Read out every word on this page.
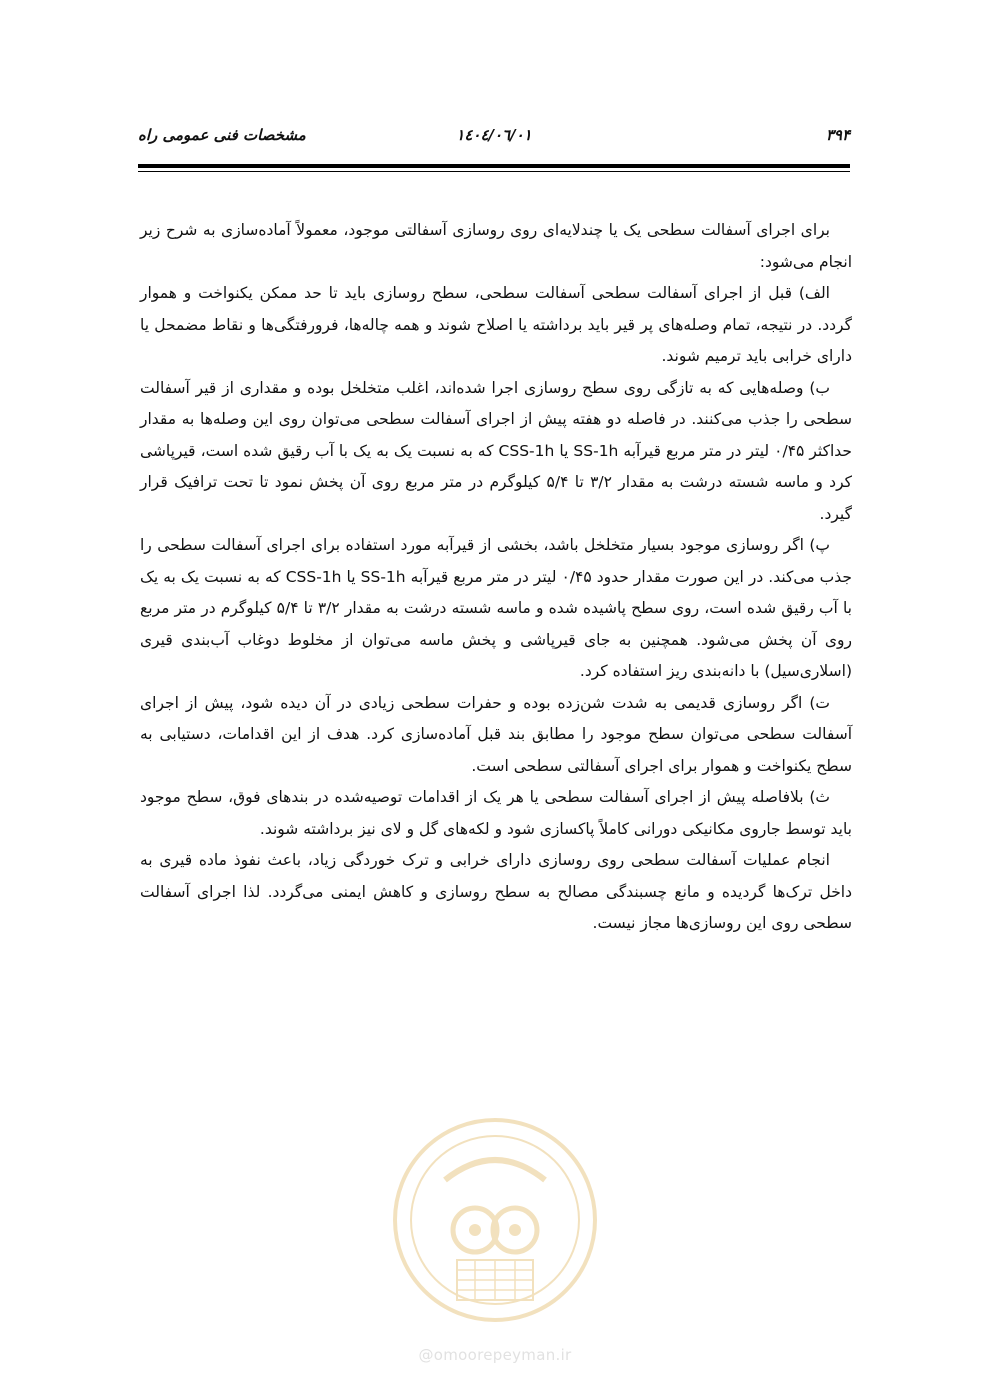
۳۹۴
۱٤٠٤/٠٦/٠۱
مشخصات فنی عمومی راه

برای اجرای آسفالت سطحی یک یا چندلایه‌ای روی روسازی آسفالتی موجود، معمولاً آماده‌سازی به شرح زیر انجام می‌شود:

الف) قبل از اجرای آسفالت سطحی آسفالت سطحی، سطح روسازی باید تا حد ممکن یکنواخت و هموار گردد. در نتیجه، تمام وصله‌های پر قیر باید برداشته یا اصلاح شوند و همه چاله‌ها، فرورفتگی‌ها و نقاط مضمحل یا دارای خرابی باید ترمیم شوند.

ب) وصله‌هایی که به تازگی روی سطح روسازی اجرا شده‌اند، اغلب متخلخل بوده و مقداری از قیر آسفالت سطحی را جذب می‌کنند. در فاصله دو هفته پیش از اجرای آسفالت سطحی می‌توان روی این وصله‌ها به مقدار حداکثر ۰/۴۵ لیتر در متر مربع قیرآبه SS-1h یا CSS-1h که به نسبت یک به یک با آب رقیق شده است، قیرپاشی کرد و ماسه شسته درشت به مقدار ۳/۲ تا ۵/۴ کیلوگرم در متر مربع روی آن پخش نمود تا تحت ترافیک قرار گیرد.

پ) اگر روسازی موجود بسیار متخلخل باشد، بخشی از قیرآبه مورد استفاده برای اجرای آسفالت سطحی را جذب می‌کند. در این صورت مقدار حدود ۰/۴۵ لیتر در متر مربع قیرآبه SS-1h یا CSS-1h که به نسبت یک به یک با آب رقیق شده است، روی سطح پاشیده شده و ماسه شسته درشت به مقدار ۳/۲ تا ۵/۴ کیلوگرم در متر مربع روی آن پخش می‌شود. همچنین به جای قیرپاشی و پخش ماسه می‌توان از مخلوط دوغاب آب‌بندی قیری (اسلاری‌سیل) با دانه‌بندی ریز استفاده کرد.

ت) اگر روسازی قدیمی به شدت شن‌زده بوده و حفرات سطحی زیادی در آن دیده شود، پیش از اجرای آسفالت سطحی می‌توان سطح موجود را مطابق بند قبل آماده‌سازی کرد. هدف از این اقدامات، دستیابی به سطح یکنواخت و هموار برای اجرای آسفالتی سطحی است.

ث) بلافاصله پیش از اجرای آسفالت سطحی یا هر یک از اقدامات توصیه‌شده در بندهای فوق، سطح موجود باید توسط جاروی مکانیکی دورانی کاملاً پاکسازی شود و لکه‌های گل و لای نیز برداشته شوند.

انجام عملیات آسفالت سطحی روی روسازی دارای خرابی و ترک خوردگی زیاد، باعث نفوذ ماده قیری به داخل ترک‌ها گردیده و مانع چسبندگی مصالح به سطح روسازی و کاهش ایمنی می‌گردد. لذا اجرای آسفالت سطحی روی این روسازی‌ها مجاز نیست.

@omoorepeyman.ir
